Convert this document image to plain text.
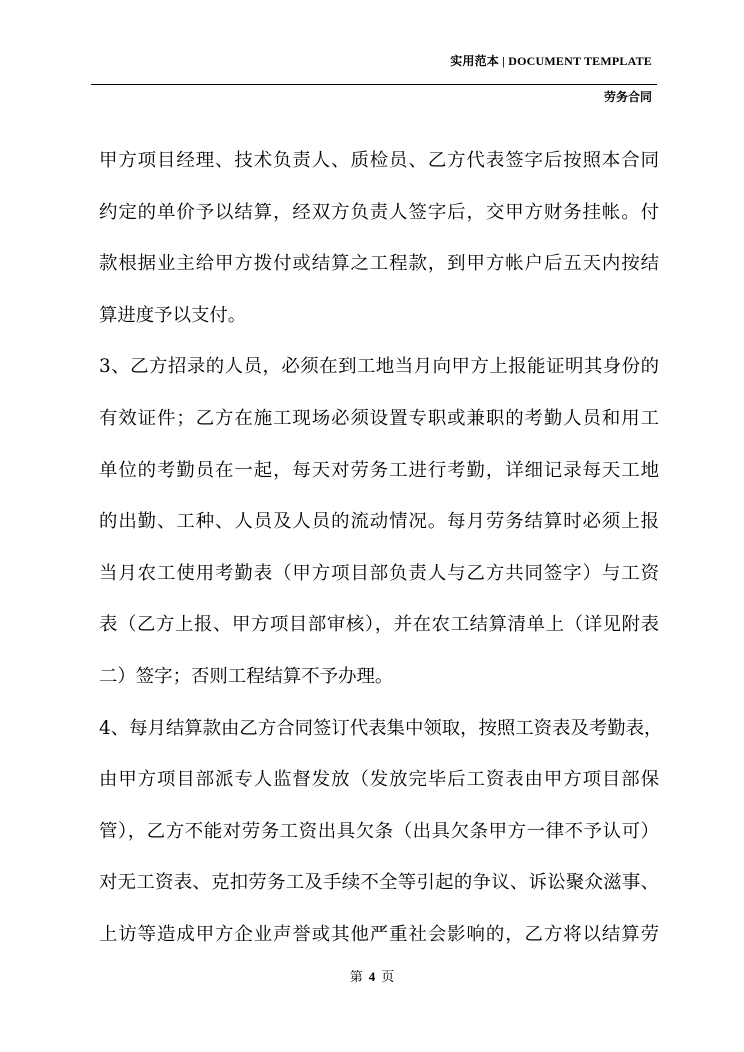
实用范本 | DOCUMENT TEMPLATE
劳务合同
甲方项目经理、技术负责人、质检员、乙方代表签字后按照本合同
约定的单价予以结算，经双方负责人签字后，交甲方财务挂帐。付
款根据业主给甲方拨付或结算之工程款，到甲方帐户后五天内按结
算进度予以支付。
3、乙方招录的人员，必须在到工地当月向甲方上报能证明其身份的
有效证件；乙方在施工现场必须设置专职或兼职的考勤人员和用工
单位的考勤员在一起，每天对劳务工进行考勤，详细记录每天工地
的出勤、工种、人员及人员的流动情况。每月劳务结算时必须上报
当月农工使用考勤表（甲方项目部负责人与乙方共同签字）与工资
表（乙方上报、甲方项目部审核），并在农工结算清单上（详见附表
二）签字；否则工程结算不予办理。
4、每月结算款由乙方合同签订代表集中领取，按照工资表及考勤表，
由甲方项目部派专人监督发放（发放完毕后工资表由甲方项目部保
管），乙方不能对劳务工资出具欠条（出具欠条甲方一律不予认可）
对无工资表、克扣劳务工及手续不全等引起的争议、诉讼聚众滋事、
上访等造成甲方企业声誉或其他严重社会影响的，乙方将以结算劳
第 4 页
